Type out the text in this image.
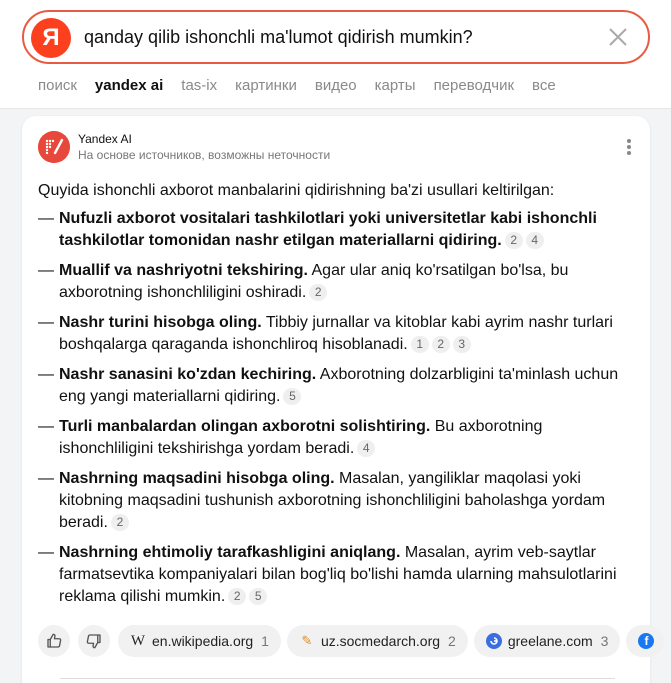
Я	qanday qilib ishonchli ma'lumot qidirish mumkin?
поиск yandex ai tas-ix картинки видео карты переводчик все
Yandex AI
На основе источников, возможны неточности
Quyida ishonchli axborot manbalarini qidirishning ba'zi usullari keltirilgan:
— Nufuzli axborot vositalari tashkilotlari yoki universitetlar kabi ishonchli tashkilotlar tomonidan nashr etilgan materiallarni qidiring. 2 4
— Muallif va nashriyotni tekshiring. Agar ular aniq ko'rsatilgan bo'lsa, bu axborotning ishonchliligini oshiradi. 2
— Nashr turini hisobga oling. Tibbiy jurnallar va kitoblar kabi ayrim nashr turlari boshqalarga qaraganda ishonchliroq hisoblanadi. 1 2 3
— Nashr sanasini ko'zdan kechiring. Axborotning dolzarbligini ta'minlash uchun eng yangi materiallarni qidiring. 5
— Turli manbalardan olingan axborotni solishtiring. Bu axborotning ishonchliligini tekshirishga yordam beradi. 4
— Nashrning maqsadini hisobga oling. Masalan, yangiliklar maqolasi yoki kitobning maqsadini tushunish axborotning ishonchliligini baholashga yordam beradi. 2
— Nashrning ehtimoliy tarafkashligini aniqlang. Masalan, ayrim veb-saytlar farmatsevtika kompaniyalari bilan bog'liq bo'lishi hamda ularning mahsulotlarini reklama qilishi mumkin. 2 5
W en.wikipedia.org 1	✎ uz.socmedarch.org 2	greelane.com 3	f
